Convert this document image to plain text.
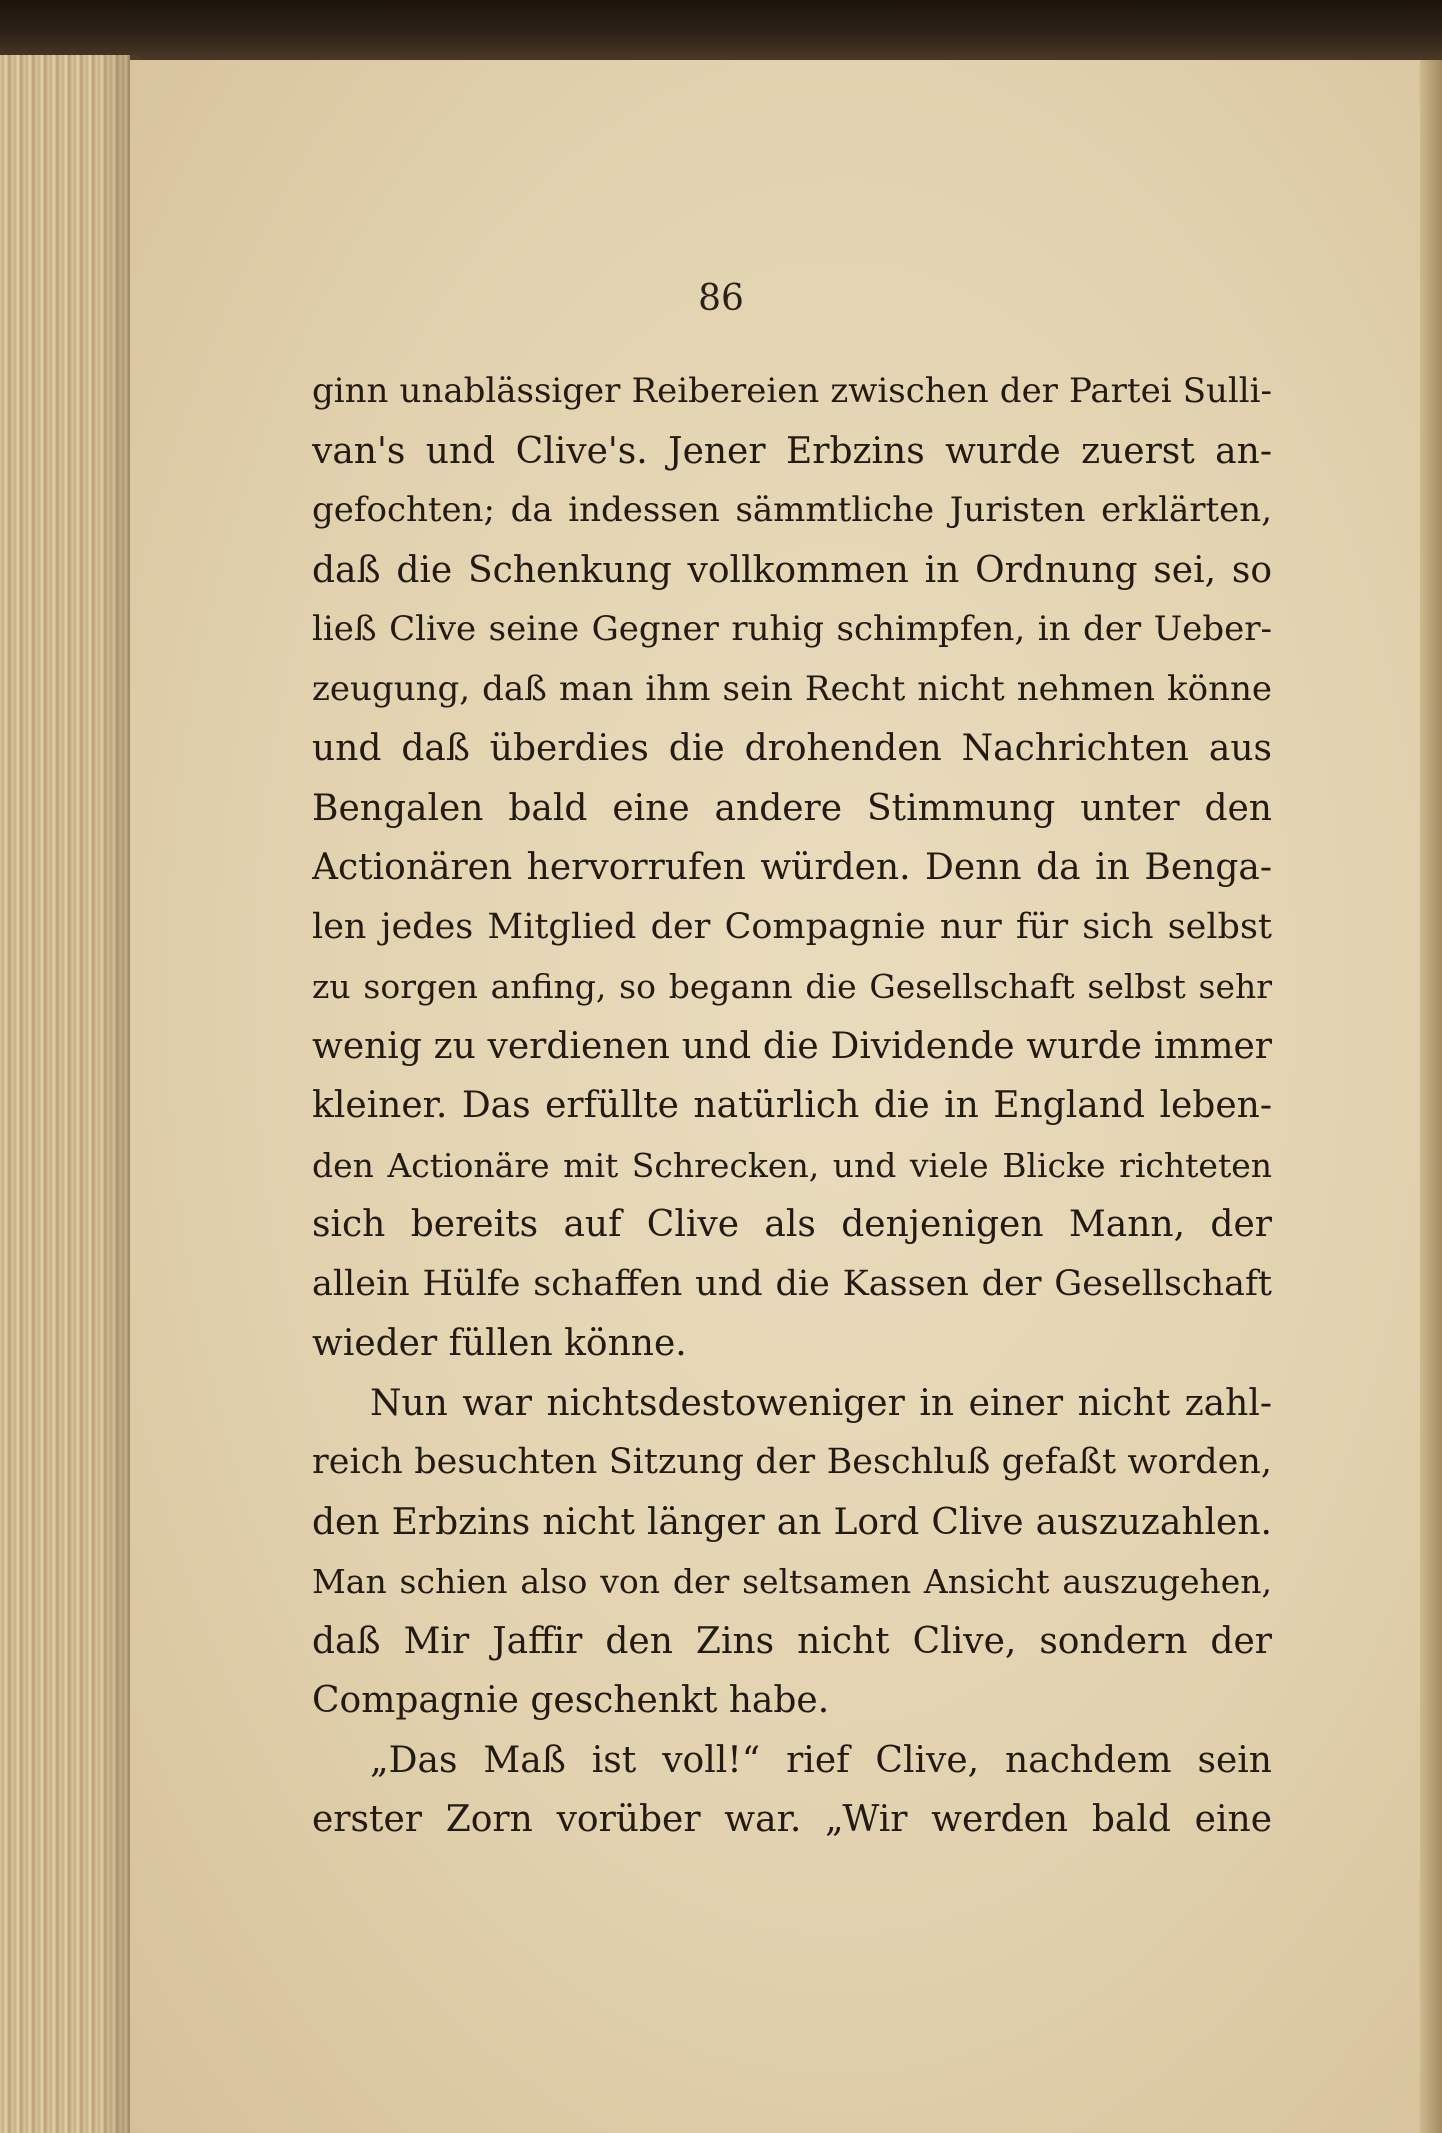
86

ginn unablässiger Reibereien zwischen der Partei Sulli-
van's und Clive's. Jener Erbzins wurde zuerst an-
gefochten; da indessen sämmtliche Juristen erklärten,
daß die Schenkung vollkommen in Ordnung sei, so
ließ Clive seine Gegner ruhig schimpfen, in der Ueber-
zeugung, daß man ihm sein Recht nicht nehmen könne
und daß überdies die drohenden Nachrichten aus
Bengalen bald eine andere Stimmung unter den
Actionären hervorrufen würden. Denn da in Benga-
len jedes Mitglied der Compagnie nur für sich selbst
zu sorgen anfing, so begann die Gesellschaft selbst sehr
wenig zu verdienen und die Dividende wurde immer
kleiner. Das erfüllte natürlich die in England leben-
den Actionäre mit Schrecken, und viele Blicke richteten
sich bereits auf Clive als denjenigen Mann, der
allein Hülfe schaffen und die Kassen der Gesellschaft
wieder füllen könne.
Nun war nichtsdestoweniger in einer nicht zahl-
reich besuchten Sitzung der Beschluß gefaßt worden,
den Erbzins nicht länger an Lord Clive auszuzahlen.
Man schien also von der seltsamen Ansicht auszugehen,
daß Mir Jaffir den Zins nicht Clive, sondern der
Compagnie geschenkt habe.
„Das Maß ist voll!“ rief Clive, nachdem sein
erster Zorn vorüber war. „Wir werden bald eine
